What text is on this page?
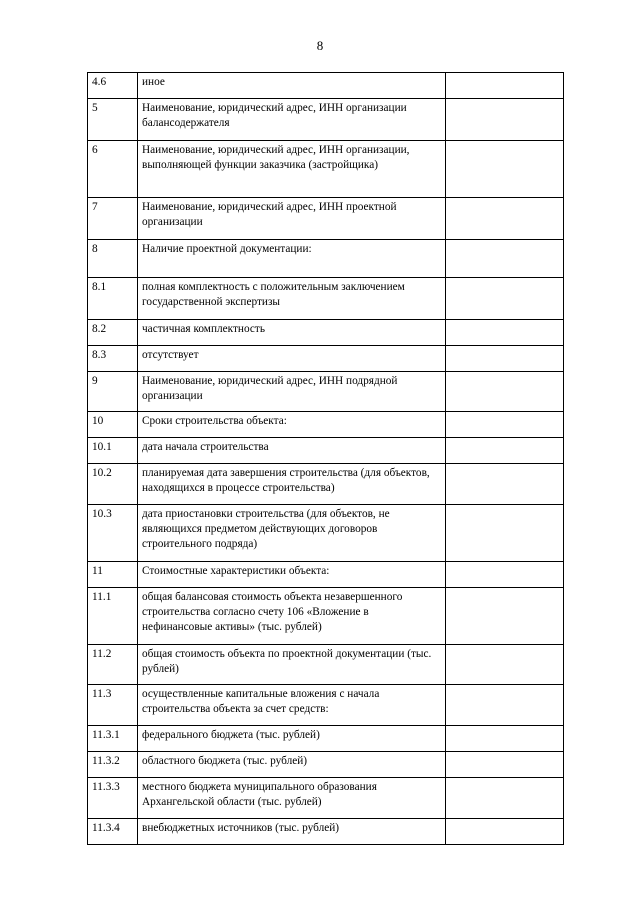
8
4.6	иное	
5	Наименование, юридический адрес, ИНН организации балансодержателя	
6	Наименование, юридический адрес, ИНН организации, выполняющей функции заказчика (застройщика)	
7	Наименование, юридический адрес, ИНН проектной организации	
8	Наличие проектной документации:	
8.1	полная комплектность с положительным заключением государственной экспертизы	
8.2	частичная комплектность	
8.3	отсутствует	
9	Наименование, юридический адрес, ИНН подрядной организации	
10	Сроки строительства объекта:	
10.1	дата начала строительства	
10.2	планируемая дата завершения строительства (для объектов, находящихся в процессе строительства)	
10.3	дата приостановки строительства (для объектов, не являющихся предметом действующих договоров строительного подряда)	
11	Стоимостные характеристики объекта:	
11.1	общая балансовая стоимость объекта незавершенного строительства согласно счету 106 «Вложение в нефинансовые активы» (тыс. рублей)	
11.2	общая стоимость объекта по проектной документации (тыс. рублей)	
11.3	осуществленные капитальные вложения с начала строительства объекта за счет средств:	
11.3.1	федерального бюджета (тыс. рублей)	
11.3.2	областного бюджета (тыс. рублей)	
11.3.3	местного бюджета муниципального образования Архангельской области (тыс. рублей)	
11.3.4	внебюджетных источников (тыс. рублей)	
